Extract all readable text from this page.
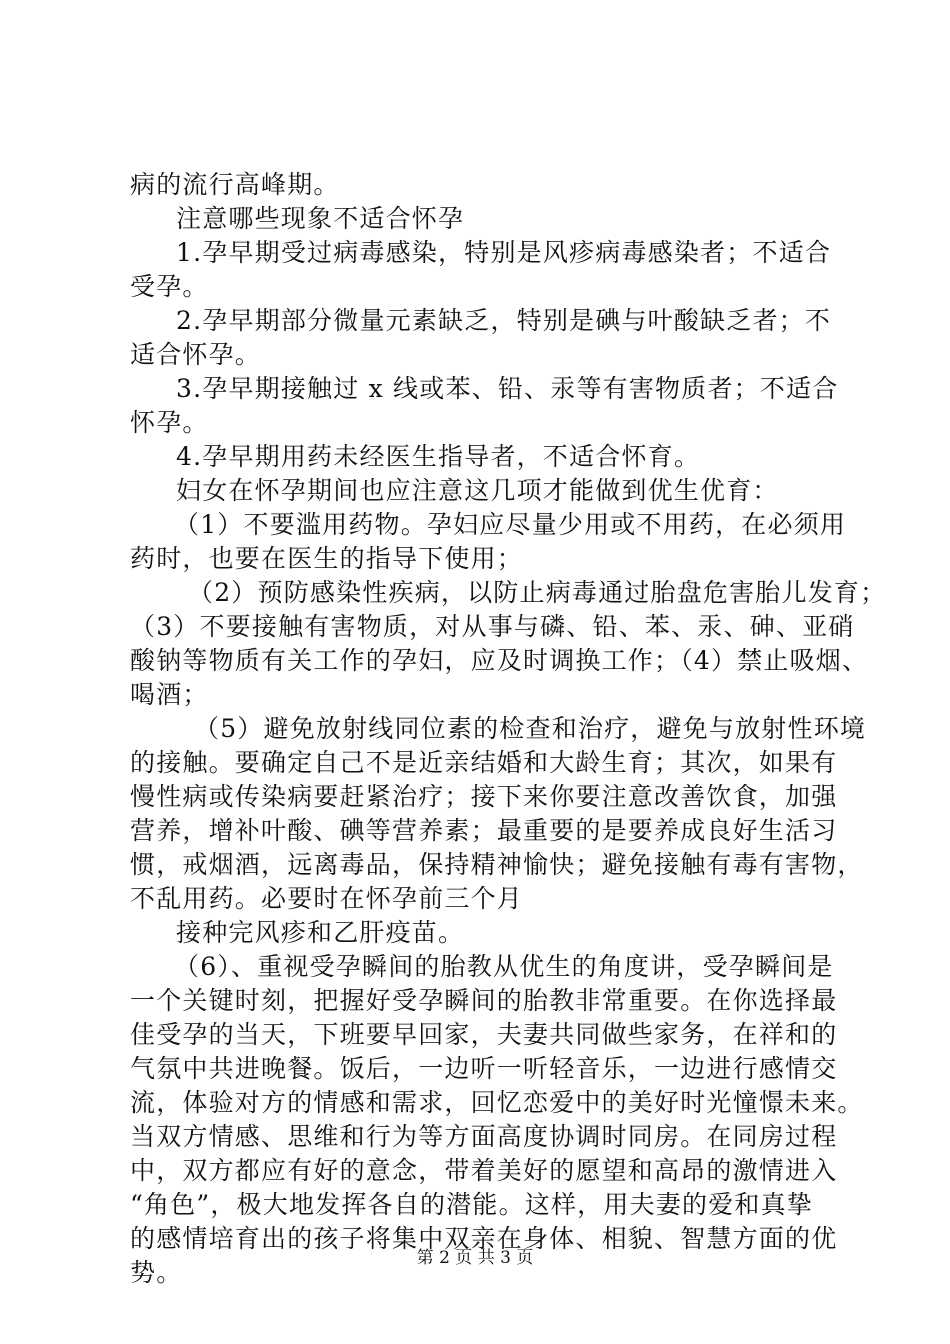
病的流行高峰期。
注意哪些现象不适合怀孕
1.孕早期受过病毒感染，特别是风疹病毒感染者；不适合
受孕。
2.孕早期部分微量元素缺乏，特别是碘与叶酸缺乏者；不
适合怀孕。
3.孕早期接触过 x 线或苯、铅、汞等有害物质者；不适合
怀孕。
4.孕早期用药未经医生指导者，不适合怀育。
妇女在怀孕期间也应注意这几项才能做到优生优育：
（1）不要滥用药物。孕妇应尽量少用或不用药，在必须用
药时，也要在医生的指导下使用；
（2）预防感染性疾病，以防止病毒通过胎盘危害胎儿发育；
（3）不要接触有害物质，对从事与磷、铅、苯、汞、砷、亚硝
酸钠等物质有关工作的孕妇，应及时调换工作；（4）禁止吸烟、
喝酒；
（5）避免放射线同位素的检查和治疗，避免与放射性环境
的接触。要确定自己不是近亲结婚和大龄生育；其次，如果有
慢性病或传染病要赶紧治疗；接下来你要注意改善饮食，加强
营养，增补叶酸、碘等营养素；最重要的是要养成良好生活习
惯，戒烟酒，远离毒品，保持精神愉快；避免接触有毒有害物，
不乱用药。必要时在怀孕前三个月
接种完风疹和乙肝疫苗。
（6）、重视受孕瞬间的胎教从优生的角度讲，受孕瞬间是
一个关键时刻，把握好受孕瞬间的胎教非常重要。在你选择最
佳受孕的当天，下班要早回家，夫妻共同做些家务，在祥和的
气氛中共进晚餐。饭后，一边听一听轻音乐，一边进行感情交
流，体验对方的情感和需求，回忆恋爱中的美好时光憧憬未来。
当双方情感、思维和行为等方面高度协调时同房。在同房过程
中，双方都应有好的意念，带着美好的愿望和高昂的激情进入
“角色”，极大地发挥各自的潜能。这样，用夫妻的爱和真挚
的感情培育出的孩子将集中双亲在身体、相貌、智慧方面的优
势。	第 2 页 共 3 页
